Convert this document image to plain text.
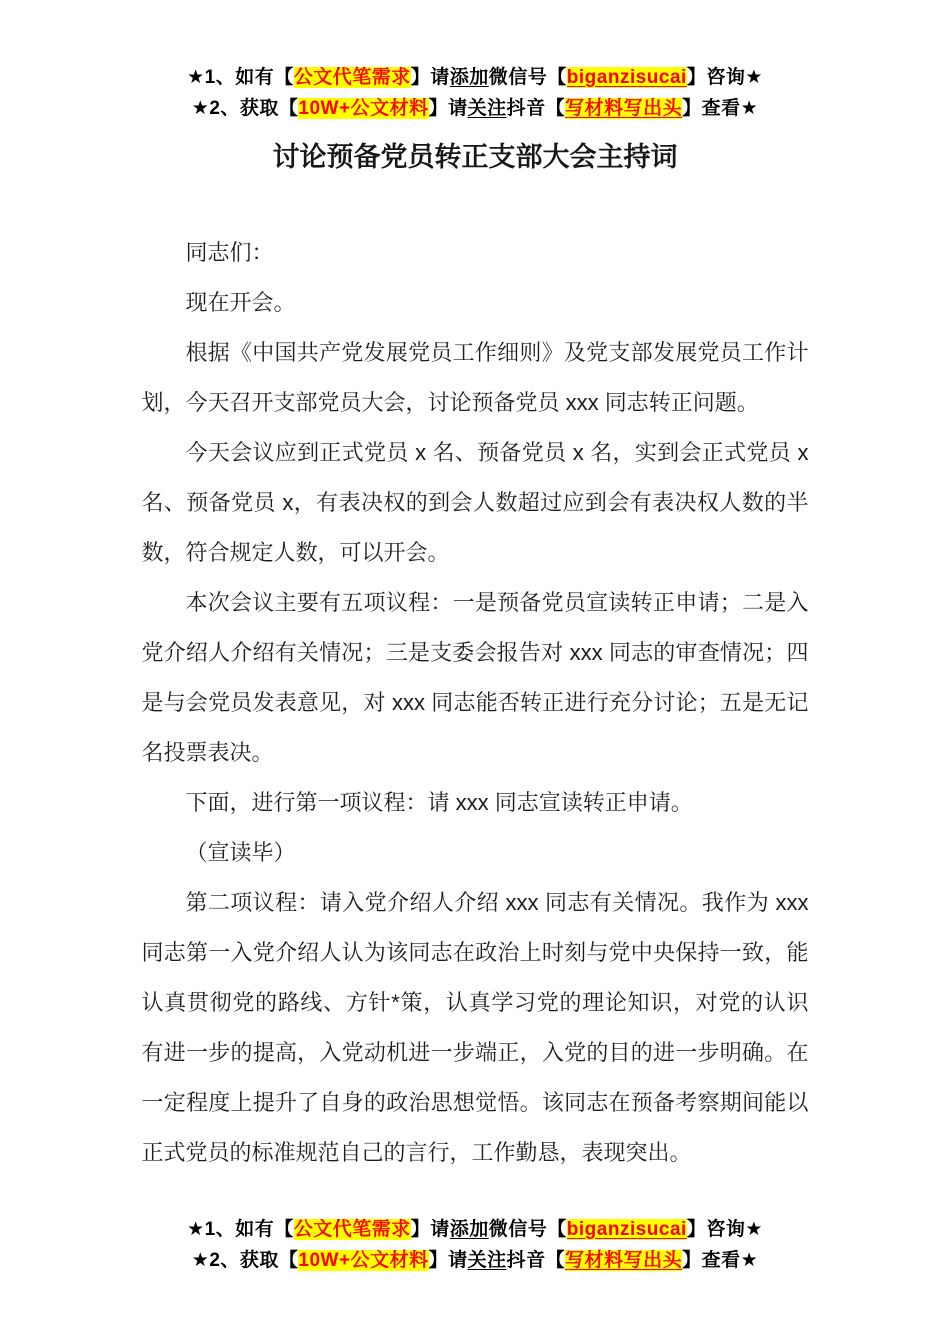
★1、如有【公文代笔需求】请添加微信号【biganzisucai】咨询★
★2、获取【10W+公文材料】请关注抖音【写材料写出头】查看★
讨论预备党员转正支部大会主持词

同志们：

现在开会。

根据《中国共产党发展党员工作细则》及党支部发展党员工作计划，今天召开支部党员大会，讨论预备党员 xxx 同志转正问题。

今天会议应到正式党员 x 名、预备党员 x 名，实到会正式党员 x 名、预备党员 x，有表决权的到会人数超过应到会有表决权人数的半数，符合规定人数，可以开会。

本次会议主要有五项议程：一是预备党员宣读转正申请；二是入党介绍人介绍有关情况；三是支委会报告对 xxx 同志的审查情况；四是与会党员发表意见，对 xxx 同志能否转正进行充分讨论；五是无记名投票表决。

下面，进行第一项议程：请 xxx 同志宣读转正申请。

（宣读毕）

第二项议程：请入党介绍人介绍 xxx 同志有关情况。我作为 xxx 同志第一入党介绍人认为该同志在政治上时刻与党中央保持一致，能认真贯彻党的路线、方针*策，认真学习党的理论知识，对党的认识有进一步的提高，入党动机进一步端正，入党的目的进一步明确。在一定程度上提升了自身的政治思想觉悟。该同志在预备考察期间能以正式党员的标准规范自己的言行，工作勤恳，表现突出。

★1、如有【公文代笔需求】请添加微信号【biganzisucai】咨询★
★2、获取【10W+公文材料】请关注抖音【写材料写出头】查看★
